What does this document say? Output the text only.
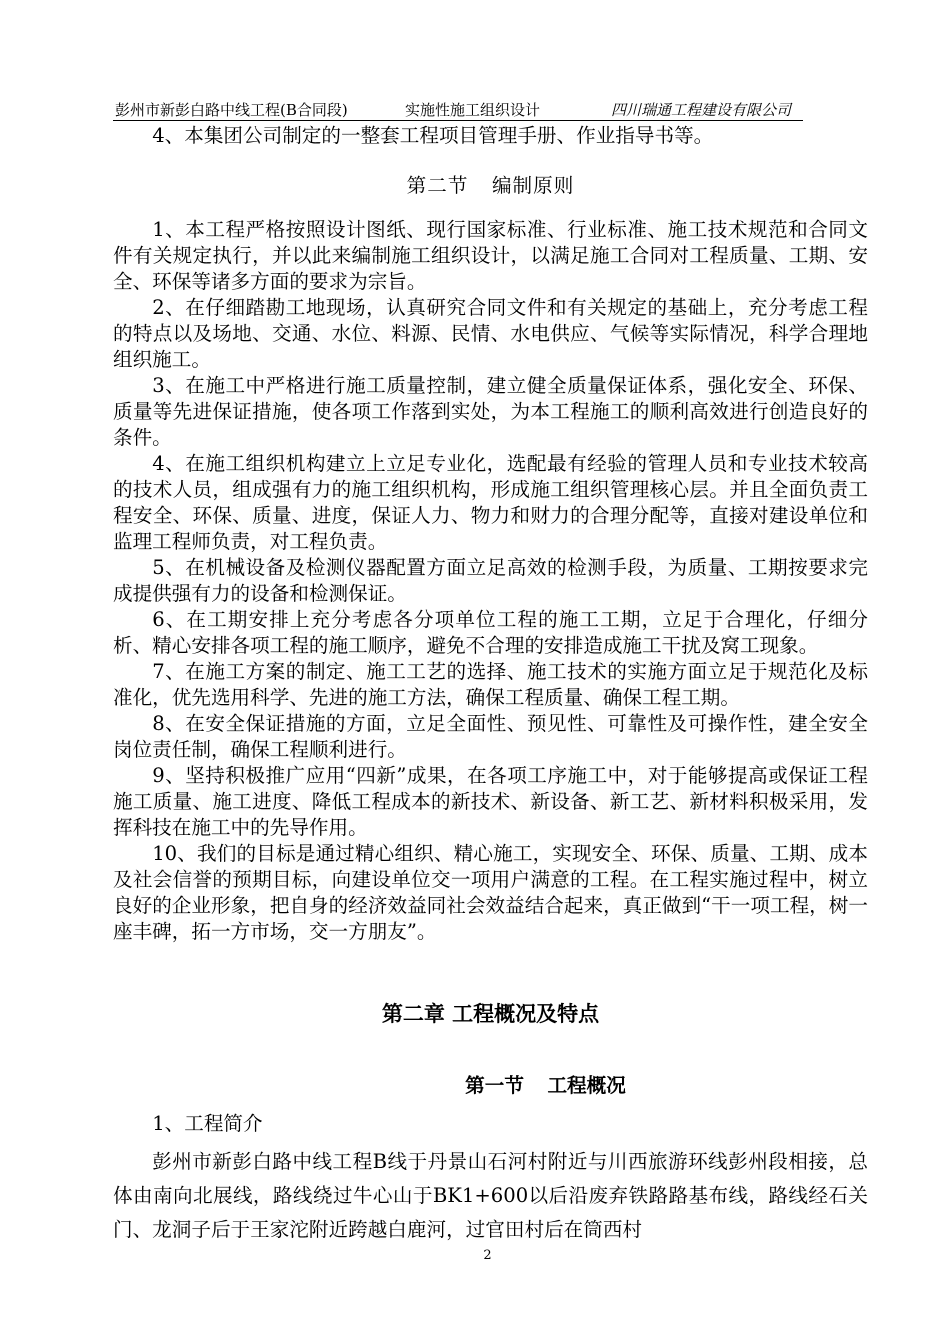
彭州市新彭白路中线工程(B合同段)	实施性施工组织设计	四川瑞通工程建设有限公司

4、本集团公司制定的一整套工程项目管理手册、作业指导书等。

第二节 编制原则

1、本工程严格按照设计图纸、现行国家标准、行业标准、施工技术规范和合同文件有关规定执行，并以此来编制施工组织设计，以满足施工合同对工程质量、工期、安全、环保等诸多方面的要求为宗旨。

2、在仔细踏勘工地现场，认真研究合同文件和有关规定的基础上，充分考虑工程的特点以及场地、交通、水位、料源、民情、水电供应、气候等实际情况，科学合理地组织施工。

3、在施工中严格进行施工质量控制，建立健全质量保证体系，强化安全、环保、质量等先进保证措施，使各项工作落到实处，为本工程施工的顺利高效进行创造良好的条件。

4、在施工组织机构建立上立足专业化，选配最有经验的管理人员和专业技术较高的技术人员，组成强有力的施工组织机构，形成施工组织管理核心层。并且全面负责工程安全、环保、质量、进度，保证人力、物力和财力的合理分配等，直接对建设单位和监理工程师负责，对工程负责。

5、在机械设备及检测仪器配置方面立足高效的检测手段，为质量、工期按要求完成提供强有力的设备和检测保证。

6、在工期安排上充分考虑各分项单位工程的施工工期，立足于合理化，仔细分析、精心安排各项工程的施工顺序，避免不合理的安排造成施工干扰及窝工现象。

7、在施工方案的制定、施工工艺的选择、施工技术的实施方面立足于规范化及标准化，优先选用科学、先进的施工方法，确保工程质量、确保工程工期。

8、在安全保证措施的方面，立足全面性、预见性、可靠性及可操作性，建全安全岗位责任制，确保工程顺利进行。

9、坚持积极推广应用“四新”成果，在各项工序施工中，对于能够提高或保证工程施工质量、施工进度、降低工程成本的新技术、新设备、新工艺、新材料积极采用，发挥科技在施工中的先导作用。

10、我们的目标是通过精心组织、精心施工，实现安全、环保、质量、工期、成本及社会信誉的预期目标，向建设单位交一项用户满意的工程。在工程实施过程中，树立良好的企业形象，把自身的经济效益同社会效益结合起来，真正做到“干一项工程，树一座丰碑，拓一方市场，交一方朋友”。

第二章 工程概况及特点
第一节 工程概况

1、工程简介

彭州市新彭白路中线工程B线于丹景山石河村附近与川西旅游环线彭州段相接，总体由南向北展线，路线绕过牛心山于BK1+600以后沿废弃铁路路基布线，路线经石关门、龙洞子后于王家沱附近跨越白鹿河，过官田村后在筒西村

2
